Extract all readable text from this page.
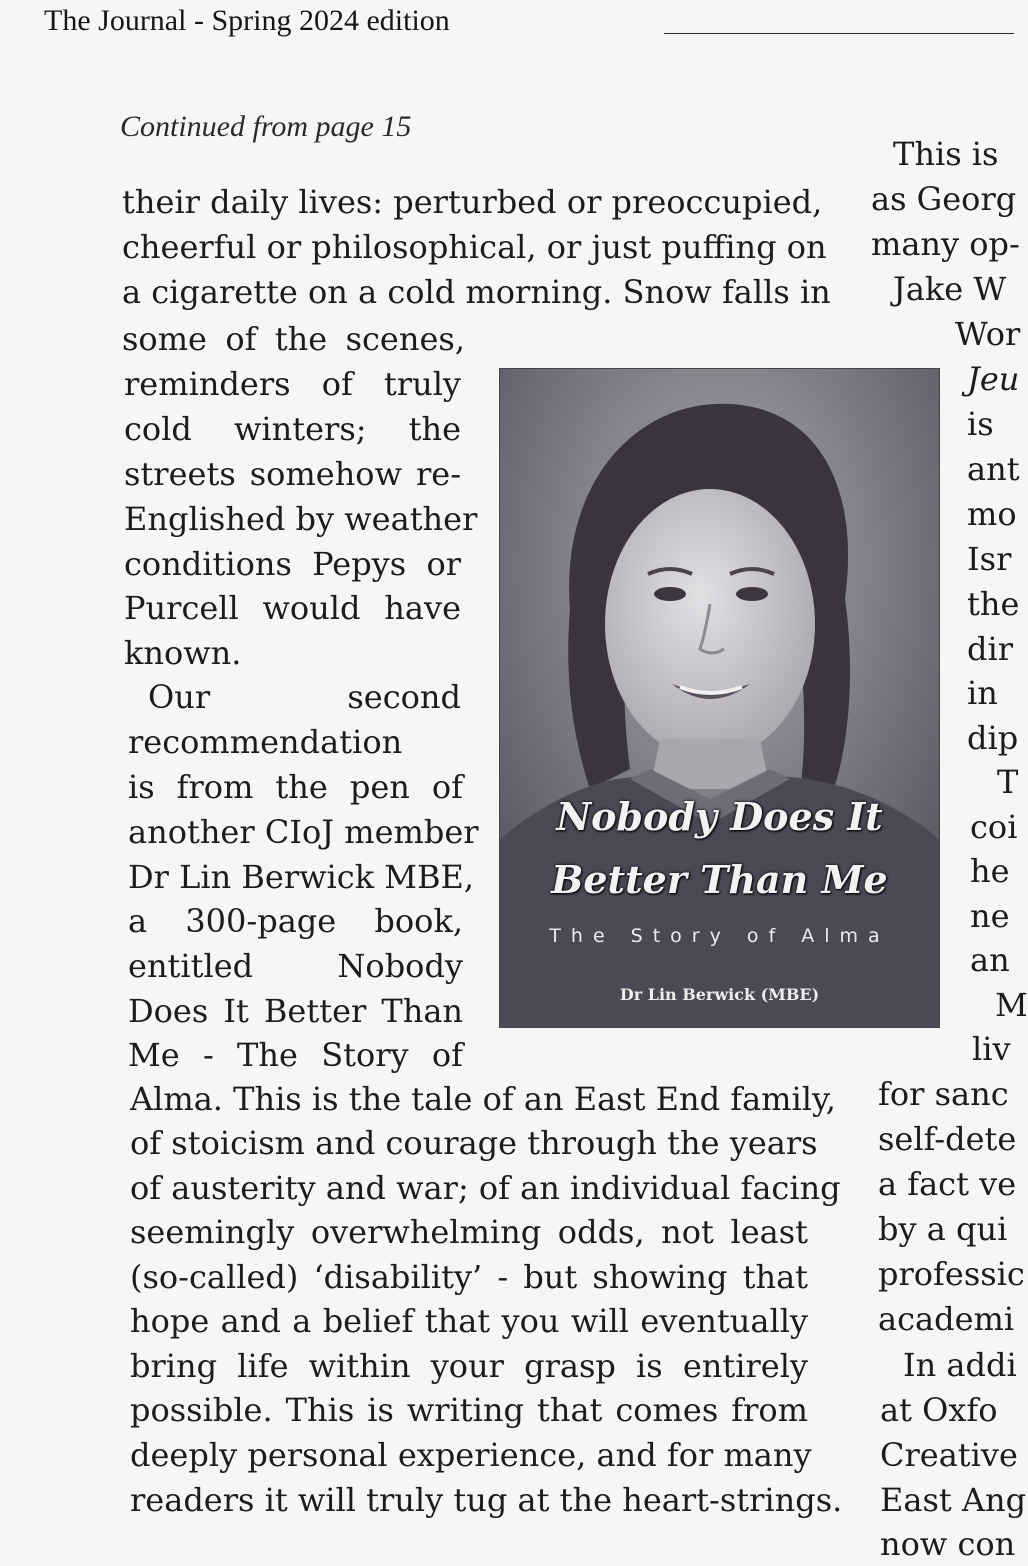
The Journal - Spring 2024 edition
Continued from page 15
their daily lives: perturbed or preoccupied,
cheerful or philosophical, or just puffing on
a cigarette on a cold morning. Snow falls in
some of the scenes,
reminders of truly
cold winters; the
streets somehow re-
Englished by weather
conditions Pepys or
Purcell would have
known.
Our second
recommendation
is from the pen of
another CIoJ member
Dr Lin Berwick MBE,
a 300-page book,
entitled Nobody
Does It Better Than
Me - The Story of
Alma. This is the tale of an East End family,
of stoicism and courage through the years
of austerity and war; of an individual facing
seemingly overwhelming odds, not least
(so-called) ‘disability’ - but showing that
hope and a belief that you will eventually
bring life within your grasp is entirely
possible. This is writing that comes from
deeply personal experience, and for many
readers it will truly tug at the heart-strings.
This is
as Georg
many op-
Jake W
Wor
Jeu
is
ant
mo
Isr
the
dir
in
dip
T
coi
he
ne
an
M
liv
for sanc
self-dete
a fact ve
by a qui
professic
academi
In addi
at Oxfo
Creative
East Ang
now con
Nobody Does It
Better Than Me
The Story of Alma
Dr Lin Berwick (MBE)
